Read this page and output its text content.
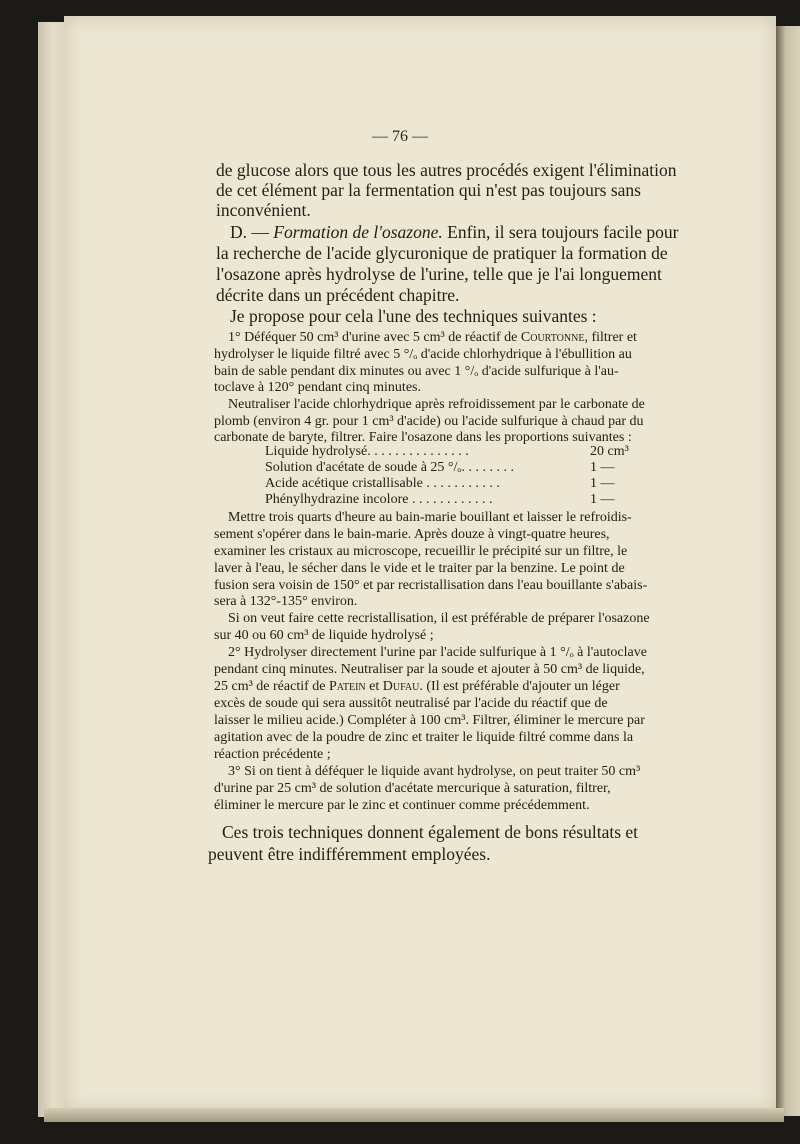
— 76 —
de glucose alors que tous les autres procédés exigent l'élimination
de cet élément par la fermentation qui n'est pas toujours sans
inconvénient.
D. — Formation de l'osazone. Enfin, il sera toujours facile pour
la recherche de l'acide glycuronique de pratiquer la formation de
l'osazone après hydrolyse de l'urine, telle que je l'ai longuement
décrite dans un précédent chapitre.
Je propose pour cela l'une des techniques suivantes :
1° Déféquer 50 cm³ d'urine avec 5 cm³ de réactif de Courtonne, filtrer et
hydrolyser le liquide filtré avec 5 °/ₒ d'acide chlorhydrique à l'ébullition au
bain de sable pendant dix minutes ou avec 1 °/ₒ d'acide sulfurique à l'au-
toclave à 120° pendant cinq minutes.
Neutraliser l'acide chlorhydrique après refroidissement par le carbonate de
plomb (environ 4 gr. pour 1 cm³ d'acide) ou l'acide sulfurique à chaud par du
carbonate de baryte, filtrer. Faire l'osazone dans les proportions suivantes :
Liquide hydrolysé. . . . . . . . . . . . . . .	20 cm³
Solution d'acétate de soude à 25 °/ₒ. . . . . . . .	1 —
Acide acétique cristallisable . . . . . . . . . . .	1 —
Phénylhydrazine incolore . . . . . . . . . . . .	1 —
Mettre trois quarts d'heure au bain-marie bouillant et laisser le refroidis-
sement s'opérer dans le bain-marie. Après douze à vingt-quatre heures,
examiner les cristaux au microscope, recueillir le précipité sur un filtre, le
laver à l'eau, le sécher dans le vide et le traiter par la benzine. Le point de
fusion sera voisin de 150° et par recristallisation dans l'eau bouillante s'abais-
sera à 132°-135° environ.
Si on veut faire cette recristallisation, il est préférable de préparer l'osazone
sur 40 ou 60 cm³ de liquide hydrolysé ;
2° Hydrolyser directement l'urine par l'acide sulfurique à 1 °/ₒ à l'autoclave
pendant cinq minutes. Neutraliser par la soude et ajouter à 50 cm³ de liquide,
25 cm³ de réactif de Patein et Dufau. (Il est préférable d'ajouter un léger
excès de soude qui sera aussitôt neutralisé par l'acide du réactif que de
laisser le milieu acide.) Compléter à 100 cm³. Filtrer, éliminer le mercure par
agitation avec de la poudre de zinc et traiter le liquide filtré comme dans la
réaction précédente ;
3° Si on tient à déféquer le liquide avant hydrolyse, on peut traiter 50 cm³
d'urine par 25 cm³ de solution d'acétate mercurique à saturation, filtrer,
éliminer le mercure par le zinc et continuer comme précédemment.
Ces trois techniques donnent également de bons résultats et
peuvent être indifféremment employées.
